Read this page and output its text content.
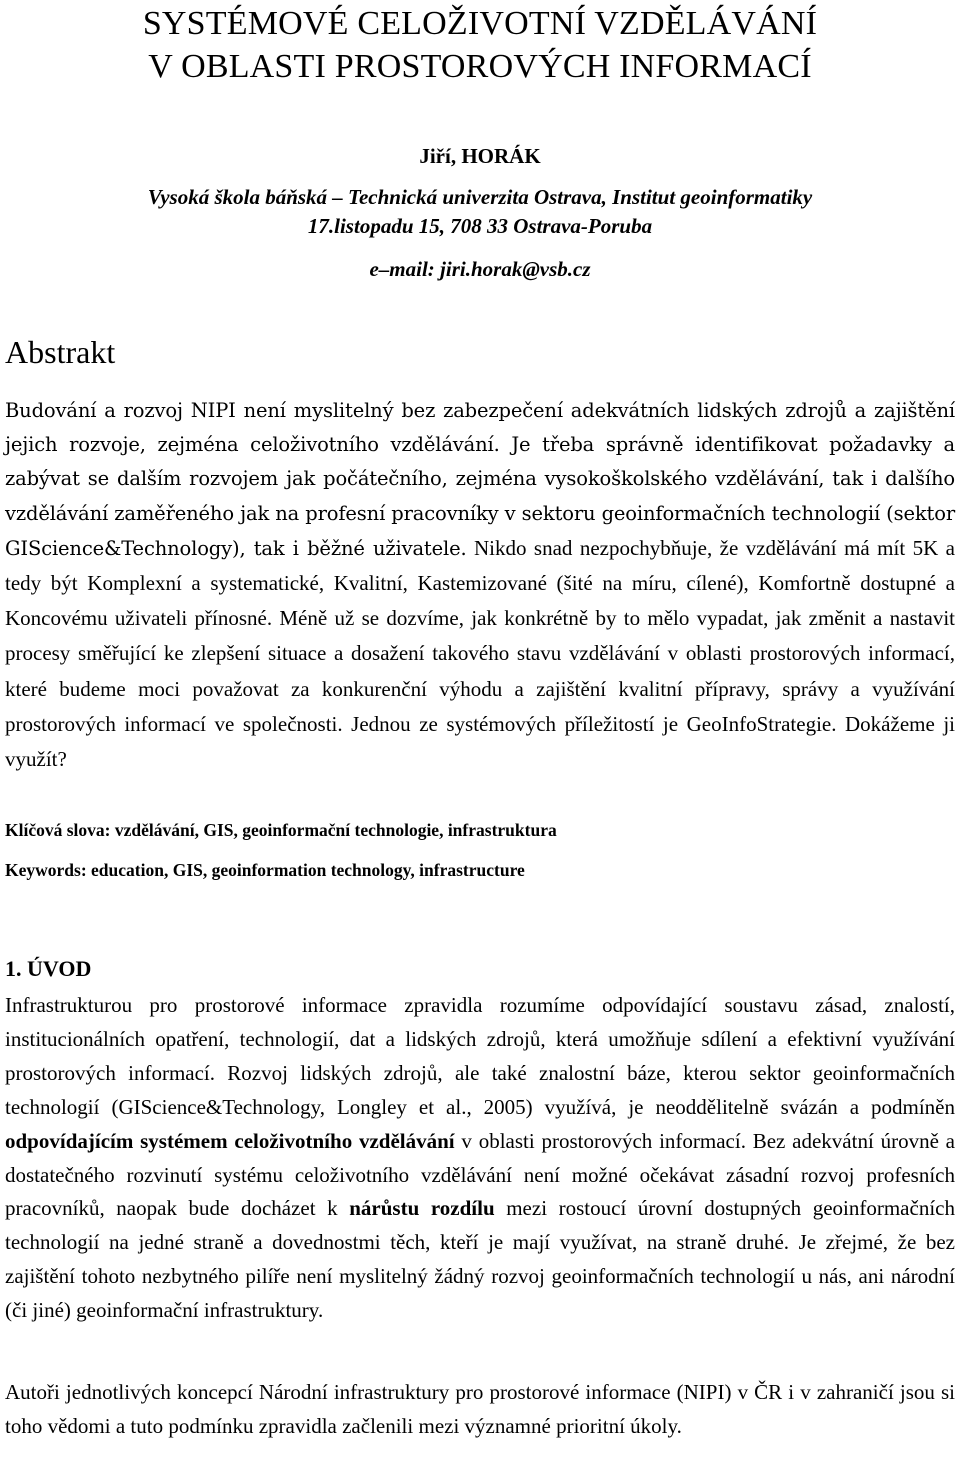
SYSTÉMOVÉ CELOŽIVOTNÍ VZDĚLÁVÁNÍ
V OBLASTI PROSTOROVÝCH INFORMACÍ
Jiří, HORÁK
Vysoká škola báňská – Technická univerzita Ostrava, Institut geoinformatiky
17.listopadu 15, 708 33 Ostrava-Poruba
e–mail: jiri.horak@vsb.cz
Abstrakt

Budování a rozvoj NIPI není myslitelný bez zabezpečení adekvátních lidských zdrojů a zajištění jejich rozvoje, zejména celoživotního vzdělávání. Je třeba správně identifikovat požadavky a zabývat se dalším rozvojem jak počátečního, zejména vysokoškolského vzdělávání, tak i dalšího vzdělávání zaměřeného jak na profesní pracovníky v sektoru geoinformačních technologií (sektor GIScience&Technology), tak i běžné uživatele. Nikdo snad nezpochybňuje, že vzdělávání má mít 5K a tedy být Komplexní a systematické, Kvalitní, Kastemizované (šité na míru, cílené), Komfortně dostupné a Koncovému uživateli přínosné. Méně už se dozvíme, jak konkrétně by to mělo vypadat, jak změnit a nastavit procesy směřující ke zlepšení situace a dosažení takového stavu vzdělávání v oblasti prostorových informací, které budeme moci považovat za konkurenční výhodu a zajištění kvalitní přípravy, správy a využívání prostorových informací ve společnosti. Jednou ze systémových příležitostí je GeoInfoStrategie. Dokážeme ji využít?

Klíčová slova: vzdělávání, GIS, geoinformační technologie, infrastruktura
Keywords: education, GIS, geoinformation technology, infrastructure
1. ÚVOD

Infrastrukturou pro prostorové informace zpravidla rozumíme odpovídající soustavu zásad, znalostí, institucionálních opatření, technologií, dat a lidských zdrojů, která umožňuje sdílení a efektivní využívání prostorových informací. Rozvoj lidských zdrojů, ale také znalostní báze, kterou sektor geoinformačních technologií (GIScience&Technology, Longley et al., 2005) využívá, je neoddělitelně svázán a podmíněn odpovídajícím systémem celoživotního vzdělávání v oblasti prostorových informací. Bez adekvátní úrovně a dostatečného rozvinutí systému celoživotního vzdělávání není možné očekávat zásadní rozvoj profesních pracovníků, naopak bude docházet k nárůstu rozdílu mezi rostoucí úrovní dostupných geoinformačních technologií na jedné straně a dovednostmi těch, kteří je mají využívat, na straně druhé. Je zřejmé, že bez zajištění tohoto nezbytného pilíře není myslitelný žádný rozvoj geoinformačních technologií u nás, ani národní (či jiné) geoinformační infrastruktury.

Autoři jednotlivých koncepcí Národní infrastruktury pro prostorové informace (NIPI) v ČR i v zahraničí jsou si toho vědomi a tuto podmínku zpravidla začlenili mezi významné prioritní úkoly.
